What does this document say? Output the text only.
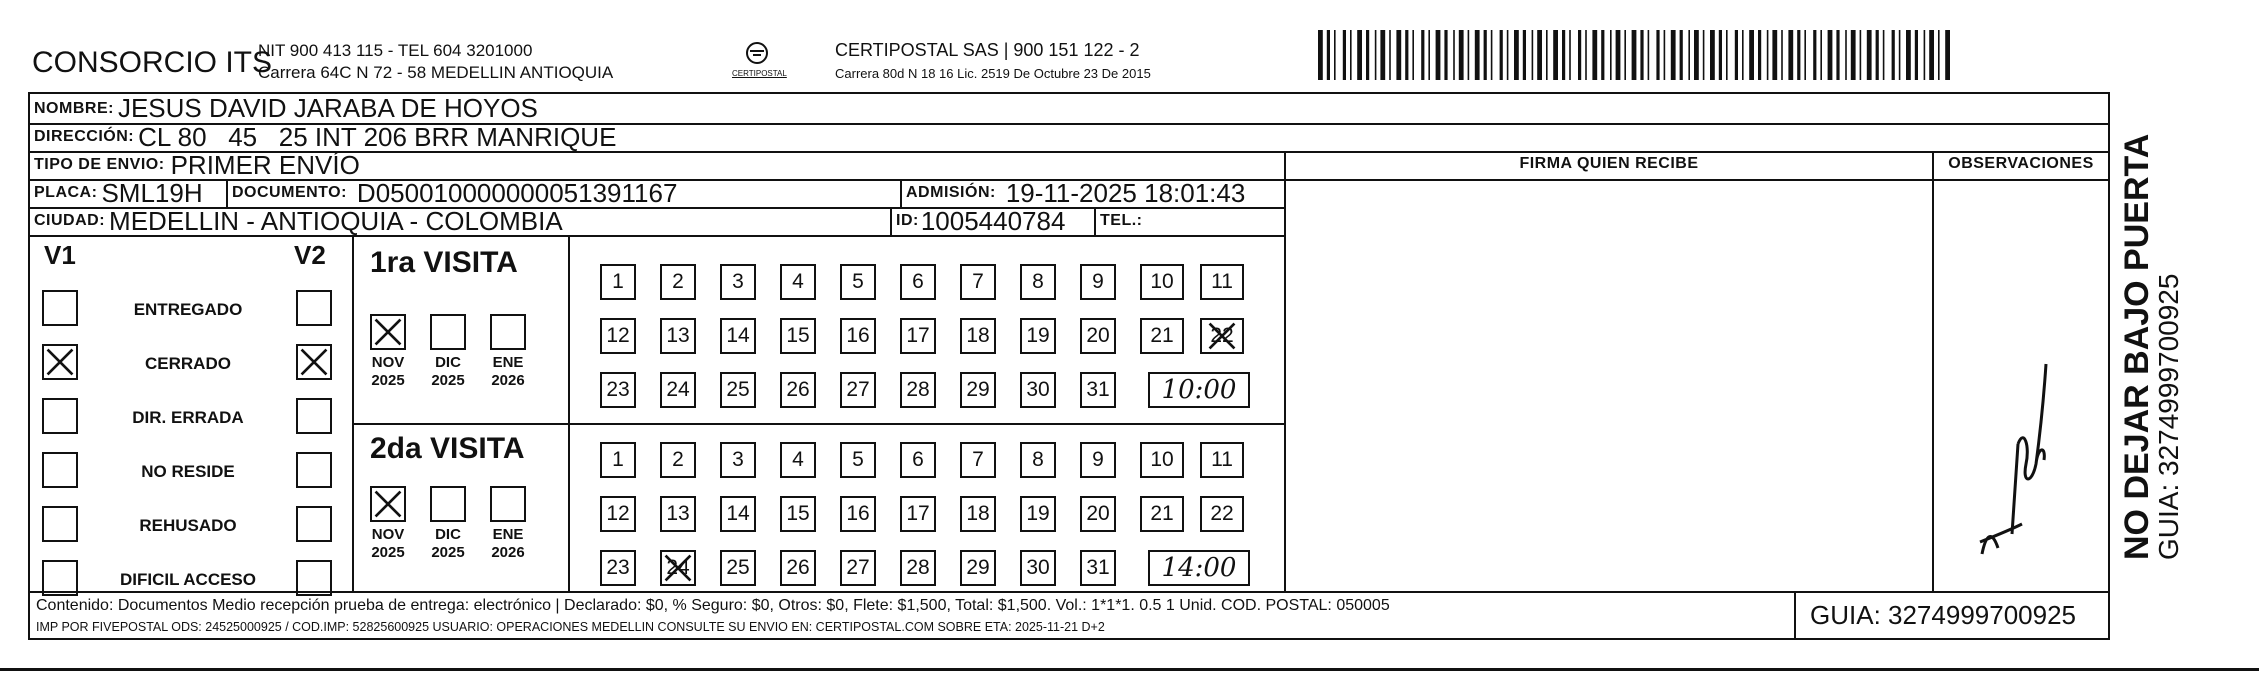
CONSORCIO ITS
NIT 900 413 115 - TEL 604 3201000
Carrera 64C N 72 - 58 MEDELLIN ANTIOQUIA	CERTIPOSTAL
CERTIPOSTAL SAS | 900 151 122 - 2
Carrera 80d N 18 16 Lic. 2519 De Octubre 23 De 2015
NOMBRE: JESUS DAVID JARABA DE HOYOS
DIRECCIÓN: CL 80   45   25 INT 206 BRR MANRIQUE
TIPO DE ENVIO: PRIMER ENVÍO	FIRMA QUIEN RECIBE	OBSERVACIONES
PLACA: SML19H DOCUMENTO: D050010000000051391167	ADMISIÓN: 19-11-2025 18:01:43
CIUDAD: MEDELLIN - ANTIOQUIA - COLOMBIA	ID: 1005440784 TEL.:
V1	V2
ENTREGADO
CERRADO
DIR. ERRADA
NO RESIDE
REHUSADO
DIFICIL ACCESO
1ra VISITA
2da VISITA
NOV
2025
DIC
2025
ENE
2026
NOV
2025
DIC
2025
ENE
2026
1	2	3	4	5	6	7	8	9	10	11
12	13	14	15	16	17	18	19	20	21	22
23	24	25	26	27	28	29	30	31	10:00
1	2	3	4	5	6	7	8	9	10	11
12	13	14	15	16	17	18	19	20	21	22
23	24	25	26	27	28	29	30	31	14:00
Contenido: Documentos Medio recepción prueba de entrega: electrónico | Declarado: $0, % Seguro: $0, Otros: $0, Flete: $1,500, Total: $1,500. Vol.: 1*1*1. 0.5 1 Unid. COD. POSTAL: 050005
IMP POR FIVEPOSTAL ODS: 24525000925 / COD.IMP: 52825600925 USUARIO: OPERACIONES MEDELLIN CONSULTE SU ENVIO EN: CERTIPOSTAL.COM SOBRE ETA: 2025-11-21 D+2	GUIA: 3274999700925
NO DEJAR BAJO PUERTA
GUIA: 3274999700925
